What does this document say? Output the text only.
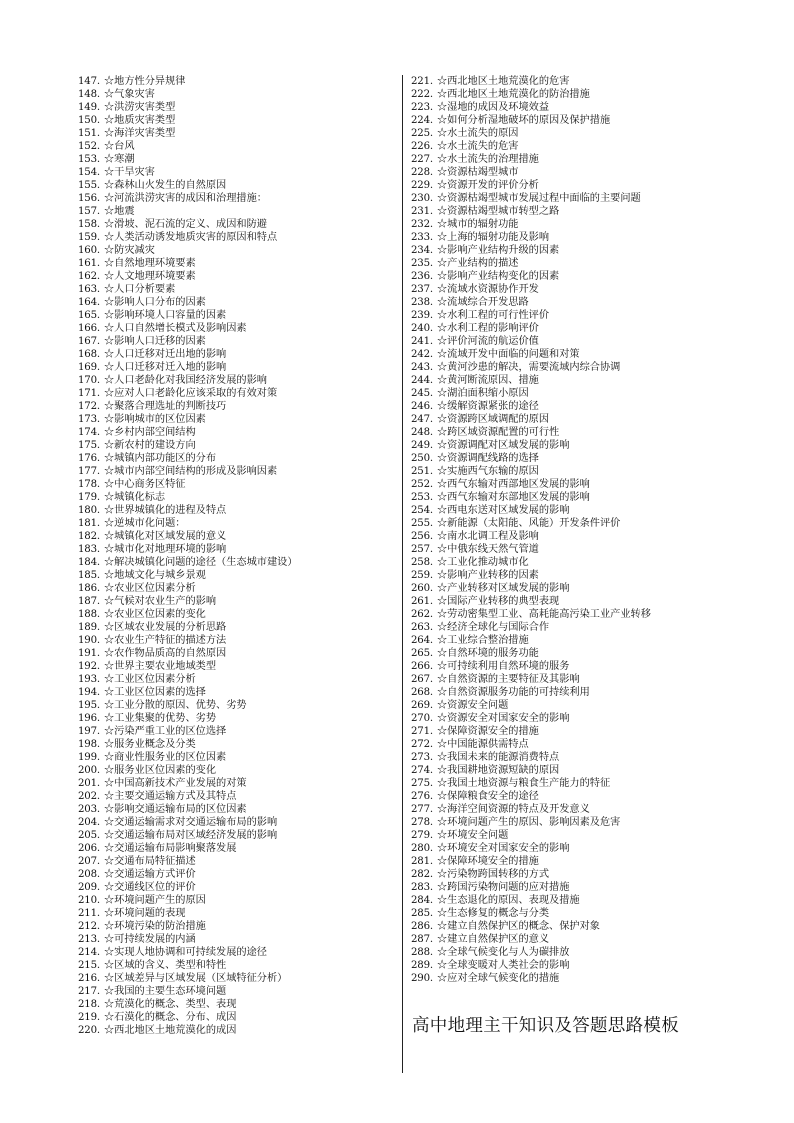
147. ☆地方性分异规律
148. ☆气象灾害
149. ☆洪涝灾害类型
150. ☆地质灾害类型
151. ☆海洋灾害类型
152. ☆台风
153. ☆寒潮
154. ☆干旱灾害
155. ☆森林山火发生的自然原因
156. ☆河流洪涝灾害的成因和治理措施：
157. ☆地震
158. ☆滑坡、泥石流的定义、成因和防避
159. ☆人类活动诱发地质灾害的原因和特点
160. ☆防灾减灾
161. ☆自然地理环境要素
162. ☆人文地理环境要素
163. ☆人口分析要素
164. ☆影响人口分布的因素
165. ☆影响环境人口容量的因素
166. ☆人口自然增长模式及影响因素
167. ☆影响人口迁移的因素
168. ☆人口迁移对迁出地的影响
169. ☆人口迁移对迁入地的影响
170. ☆人口老龄化对我国经济发展的影响
171. ☆应对人口老龄化应该采取的有效对策
172. ☆聚落合理选址的判断技巧
173. ☆影响城市的区位因素
174. ☆乡村内部空间结构
175. ☆新农村的建设方向
176. ☆城镇内部功能区的分布
177. ☆城市内部空间结构的形成及影响因素
178. ☆中心商务区特征
179. ☆城镇化标志
180. ☆世界城镇化的进程及特点
181. ☆逆城市化问题：
182. ☆城镇化对区域发展的意义
183. ☆城市化对地理环境的影响
184. ☆解决城镇化问题的途径（生态城市建设）
185. ☆地域文化与城乡景观
186. ☆农业区位因素分析
187. ☆气候对农业生产的影响
188. ☆农业区位因素的变化
189. ☆区域农业发展的分析思路
190. ☆农业生产特征的描述方法
191. ☆农作物品质高的自然原因
192. ☆世界主要农业地域类型
193. ☆工业区位因素分析
194. ☆工业区位因素的选择
195. ☆工业分散的原因、优势、劣势
196. ☆工业集聚的优势、劣势
197. ☆污染严重工业的区位选择
198. ☆服务业概念及分类
199. ☆商业性服务业的区位因素
200. ☆服务业区位因素的变化
201. ☆中国高新技术产业发展的对策
202. ☆主要交通运输方式及其特点
203. ☆影响交通运输布局的区位因素
204. ☆交通运输需求对交通运输布局的影响
205. ☆交通运输布局对区域经济发展的影响
206. ☆交通运输布局影响聚落发展
207. ☆交通布局特征描述
208. ☆交通运输方式评价
209. ☆交通线区位的评价
210. ☆环境问题产生的原因
211. ☆环境问题的表现
212. ☆环境污染的防治措施
213. ☆可持续发展的内涵
214. ☆实现人地协调和可持续发展的途径
215. ☆区域的含义、类型和特性
216. ☆区域差异与区域发展（区域特征分析）
217. ☆我国的主要生态环境问题
218. ☆荒漠化的概念、类型、表现
219. ☆石漠化的概念、分布、成因
220. ☆西北地区土地荒漠化的成因
221. ☆西北地区土地荒漠化的危害
222. ☆西北地区土地荒漠化的防治措施
223. ☆湿地的成因及环境效益
224. ☆如何分析湿地破坏的原因及保护措施
225. ☆水土流失的原因
226. ☆水土流失的危害
227. ☆水土流失的治理措施
228. ☆资源枯竭型城市
229. ☆资源开发的评价分析
230. ☆资源枯竭型城市发展过程中面临的主要问题
231. ☆资源枯竭型城市转型之路
232. ☆城市的辐射功能
233. ☆上海的辐射功能及影响
234. ☆影响产业结构升级的因素
235. ☆产业结构的描述
236. ☆影响产业结构变化的因素
237. ☆流域水资源协作开发
238. ☆流域综合开发思路
239. ☆水利工程的可行性评价
240. ☆水利工程的影响评价
241. ☆评价河流的航运价值
242. ☆流域开发中面临的问题和对策
243. ☆黄河沙患的解决，需要流域内综合协调
244. ☆黄河断流原因、措施
245. ☆湖泊面积缩小原因
246. ☆缓解资源紧张的途径
247. ☆资源跨区域调配的原因
248. ☆跨区域资源配置的可行性
249. ☆资源调配对区域发展的影响
250. ☆资源调配线路的选择
251. ☆实施西气东输的原因
252. ☆西气东输对西部地区发展的影响
253. ☆西气东输对东部地区发展的影响
254. ☆西电东送对区域发展的影响
255. ☆新能源（太阳能、风能）开发条件评价
256. ☆南水北调工程及影响
257. ☆中俄东线天然气管道
258. ☆工业化推动城市化
259. ☆影响产业转移的因素
260. ☆产业转移对区域发展的影响
261. ☆国际产业转移的典型表现
262. ☆劳动密集型工业、高耗能高污染工业产业转移
263. ☆经济全球化与国际合作
264. ☆工业综合整治措施
265. ☆自然环境的服务功能
266. ☆可持续利用自然环境的服务
267. ☆自然资源的主要特征及其影响
268. ☆自然资源服务功能的可持续利用
269. ☆资源安全问题
270. ☆资源安全对国家安全的影响
271. ☆保障资源安全的措施
272. ☆中国能源供需特点
273. ☆我国未来的能源消费特点
274. ☆我国耕地资源短缺的原因
275. ☆我国土地资源与粮食生产能力的特征
276. ☆保障粮食安全的途径
277. ☆海洋空间资源的特点及开发意义
278. ☆环境问题产生的原因、影响因素及危害
279. ☆环境安全问题
280. ☆环境安全对国家安全的影响
281. ☆保障环境安全的措施
282. ☆污染物跨国转移的方式
283. ☆跨国污染物问题的应对措施
284. ☆生态退化的原因、表现及措施
285. ☆生态修复的概念与分类
286. ☆建立自然保护区的概念、保护对象
287. ☆建立自然保护区的意义
288. ☆全球气候变化与人为碳排放
289. ☆全球变暖对人类社会的影响
290. ☆应对全球气候变化的措施
高中地理主干知识及答题思路模板
